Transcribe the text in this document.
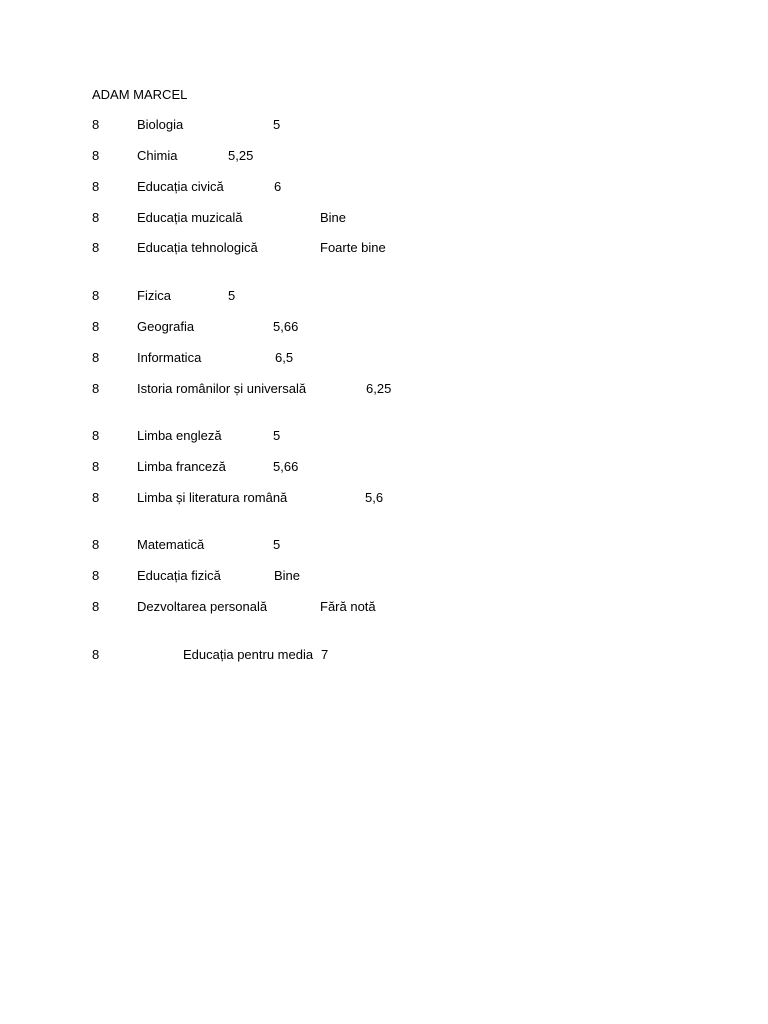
ADAM MARCEL
8	Biologia	5
8	Chimia	5,25
8	Educația civică	6
8	Educația muzicală	Bine
8	Educația tehnologică	Foarte bine
8	Fizica	5
8	Geografia	5,66
8	Informatica	6,5
8	Istoria românilor și universală	6,25
8	Limba engleză	5
8	Limba franceză	5,66
8	Limba și literatura română	5,6
8	Matematică	5
8	Educația fizică	Bine
8	Dezvoltarea personală	Fără notă
8	Educația pentru media 7
